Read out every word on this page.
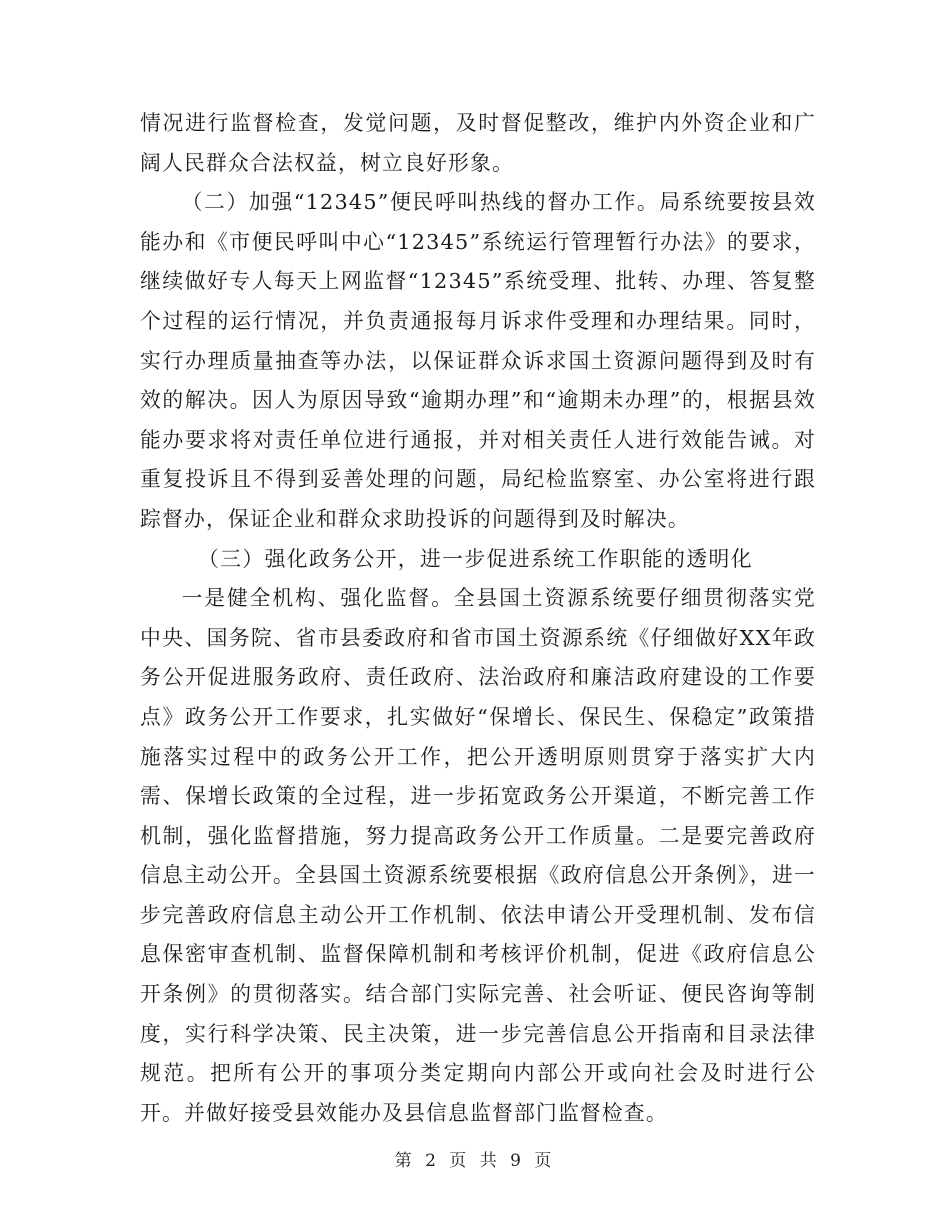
情况进行监督检查，发觉问题，及时督促整改，维护内外资企业和广阔人民群众合法权益，树立良好形象。

（二）加强“12345”便民呼叫热线的督办工作。局系统要按县效能办和《市便民呼叫中心“12345”系统运行管理暂行办法》的要求，继续做好专人每天上网监督“12345”系统受理、批转、办理、答复整个过程的运行情况，并负责通报每月诉求件受理和办理结果。同时，实行办理质量抽查等办法，以保证群众诉求国土资源问题得到及时有效的解决。因人为原因导致“逾期办理”和“逾期未办理”的，根据县效能办要求将对责任单位进行通报，并对相关责任人进行效能告诫。对重复投诉且不得到妥善处理的问题，局纪检监察室、办公室将进行跟踪督办，保证企业和群众求助投诉的问题得到及时解决。

（三）强化政务公开，进一步促进系统工作职能的透明化

一是健全机构、强化监督。全县国土资源系统要仔细贯彻落实党中央、国务院、省市县委政府和省市国土资源系统《仔细做好XX年政务公开促进服务政府、责任政府、法治政府和廉洁政府建设的工作要点》政务公开工作要求，扎实做好“保增长、保民生、保稳定”政策措施落实过程中的政务公开工作，把公开透明原则贯穿于落实扩大内需、保增长政策的全过程，进一步拓宽政务公开渠道，不断完善工作机制，强化监督措施，努力提高政务公开工作质量。二是要完善政府信息主动公开。全县国土资源系统要根据《政府信息公开条例》，进一步完善政府信息主动公开工作机制、依法申请公开受理机制、发布信息保密审查机制、监督保障机制和考核评价机制，促进《政府信息公开条例》的贯彻落实。结合部门实际完善、社会听证、便民咨询等制度，实行科学决策、民主决策，进一步完善信息公开指南和目录法律规范。把所有公开的事项分类定期向内部公开或向社会及时进行公开。并做好接受县效能办及县信息监督部门监督检查。

第 2 页 共 9 页
